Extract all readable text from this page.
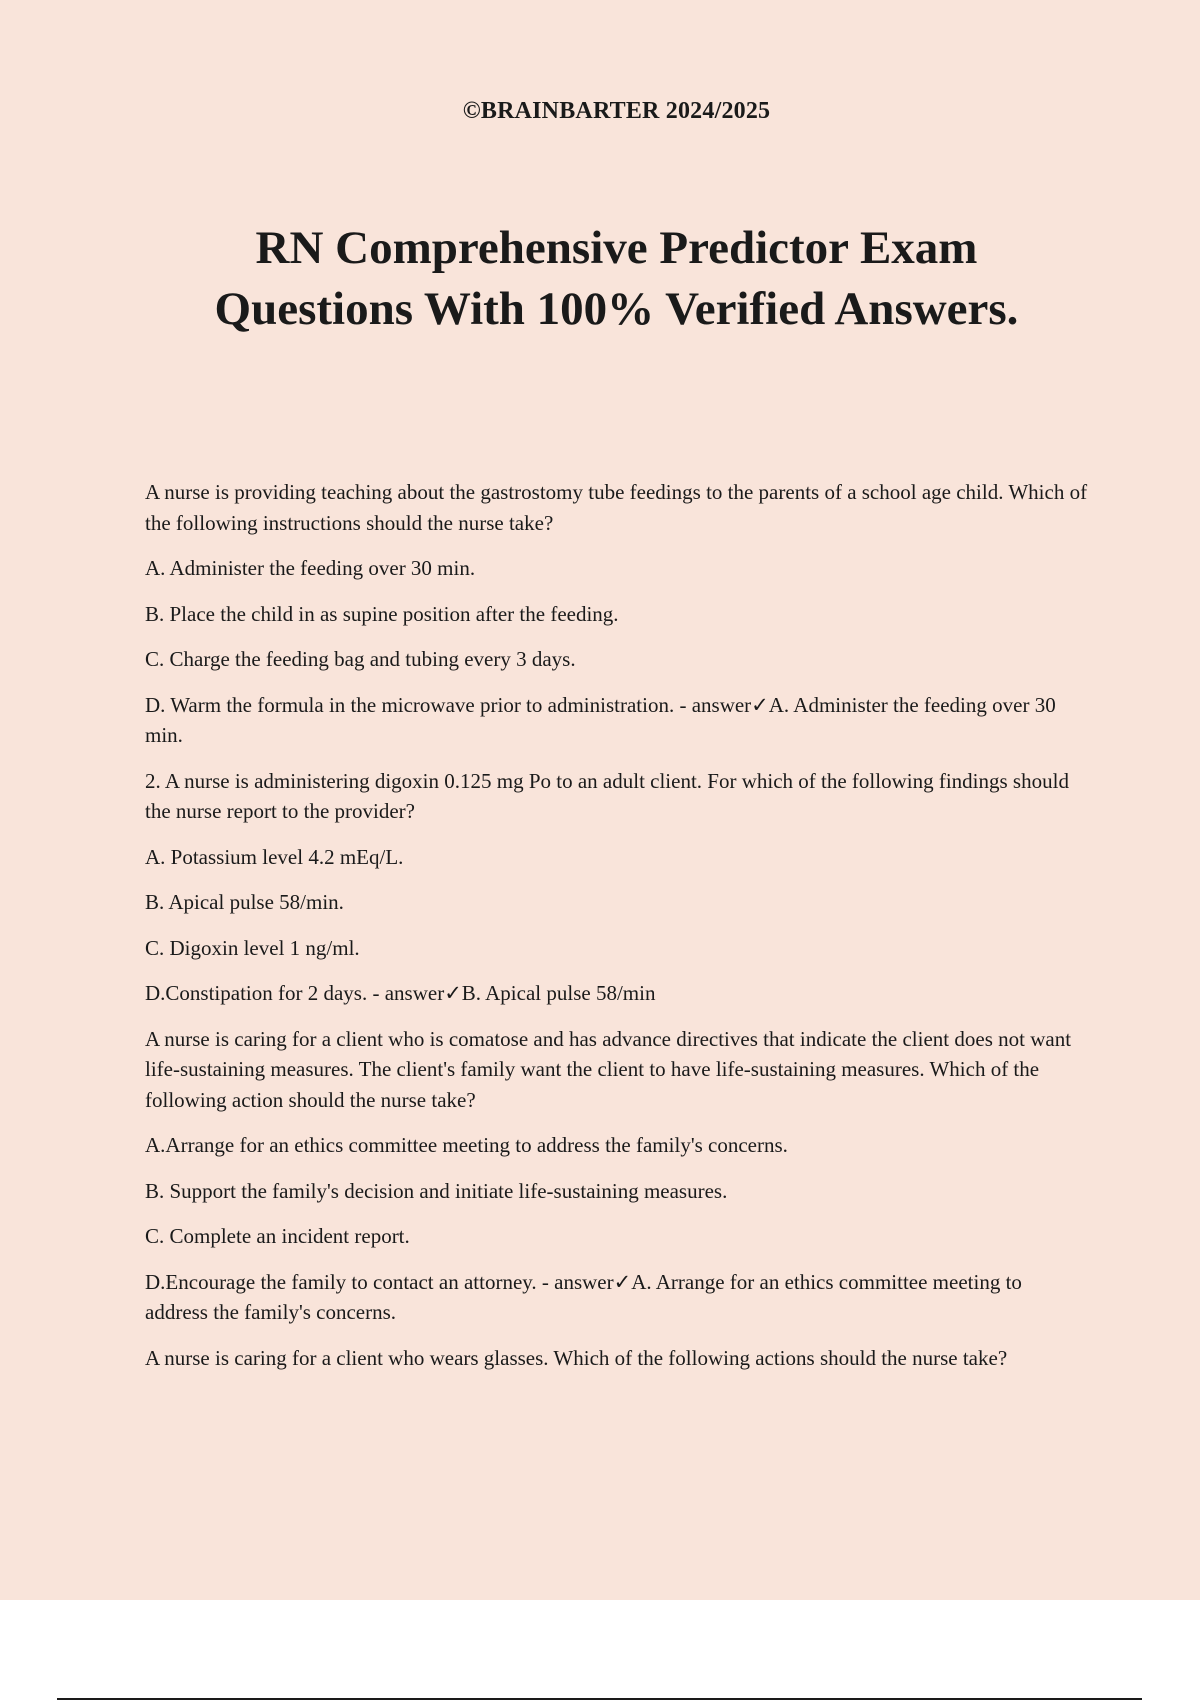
©BRAINBARTER 2024/2025
RN Comprehensive Predictor Exam
Questions With 100% Verified Answers.

A nurse is providing teaching about the gastrostomy tube feedings to the parents of a school age child. Which of the following instructions should the nurse take?

A. Administer the feeding over 30 min.

B. Place the child in as supine position after the feeding.

C. Charge the feeding bag and tubing every 3 days.

D. Warm the formula in the microwave prior to administration. - answer✓A. Administer the feeding over 30 min.

2. A nurse is administering digoxin 0.125 mg Po to an adult client. For which of the following findings should the nurse report to the provider?

A. Potassium level 4.2 mEq/L.

B. Apical pulse 58/min.

C. Digoxin level 1 ng/ml.

D.Constipation for 2 days. - answer✓B. Apical pulse 58/min

A nurse is caring for a client who is comatose and has advance directives that indicate the client does not want life-sustaining measures. The client's family want the client to have life-sustaining measures. Which of the following action should the nurse take?

A.Arrange for an ethics committee meeting to address the family's concerns.

B. Support the family's decision and initiate life-sustaining measures.

C. Complete an incident report.

D.Encourage the family to contact an attorney. - answer✓A. Arrange for an ethics committee meeting to address the family's concerns.

A nurse is caring for a client who wears glasses. Which of the following actions should the nurse take?
